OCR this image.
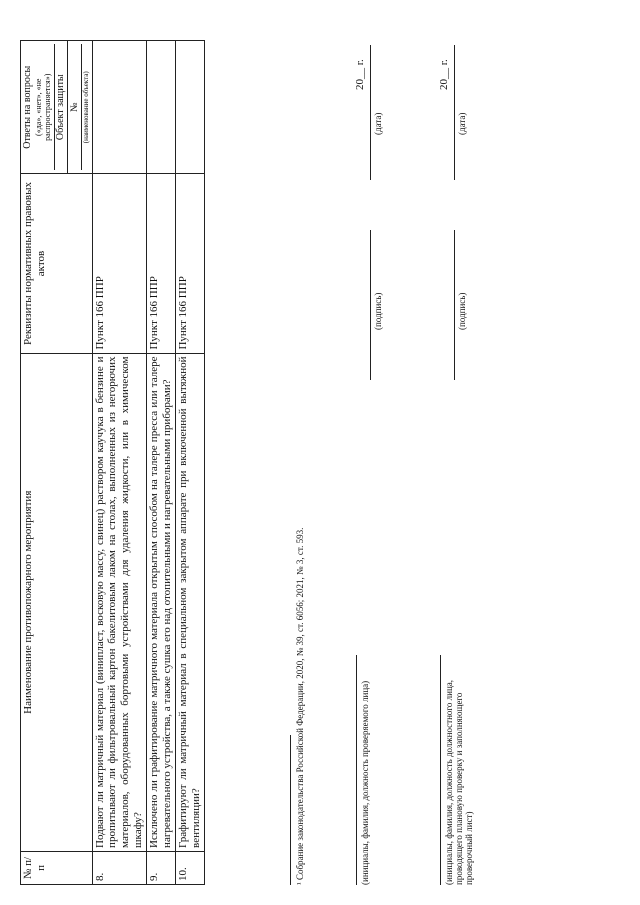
№ п/п	Наименование противопожарного мероприятия	Реквизиты нормативных правовых актов	Ответы на вопросы («да», «нет», «не распространяется») Объект защиты

			№ (наименование объекта)

8.	Подвают ли матричный материал (винипласт, восковую массу, свинец) раствором каучука в бензине и пропитывают ли фильтровальный картон бакелитовым лаком на столах, выполненных из негорючих материалов, оборудованных бортовыми устройствами для удаления жидкости, или в химическом шкафу?	Пункт 166 ППР	
9.	Исключено ли графитирование матричного материала открытым способом на талере пресса или талере нагревательного устройства, а также сушка его над отопительными и нагревательными приборами?	Пункт 166 ППР	
10.	Графитируют ли матричный материал в специальном закрытом аппарате при включенной вытяжной вентиляции?	Пункт 166 ППР	
¹ Собрание законодательства Российской Федерации, 2020, № 39, ст. 6056; 2021, № 3, ст. 593.	(инициалы, фамилия, должность проверяемого лица)
(подпись)
(дата)
20__ г.
(инициалы, фамилия, должность должностного лица, проводящего плановую проверку и заполняющего проверочный лист)
(подпись)
(дата)
20__ г.
